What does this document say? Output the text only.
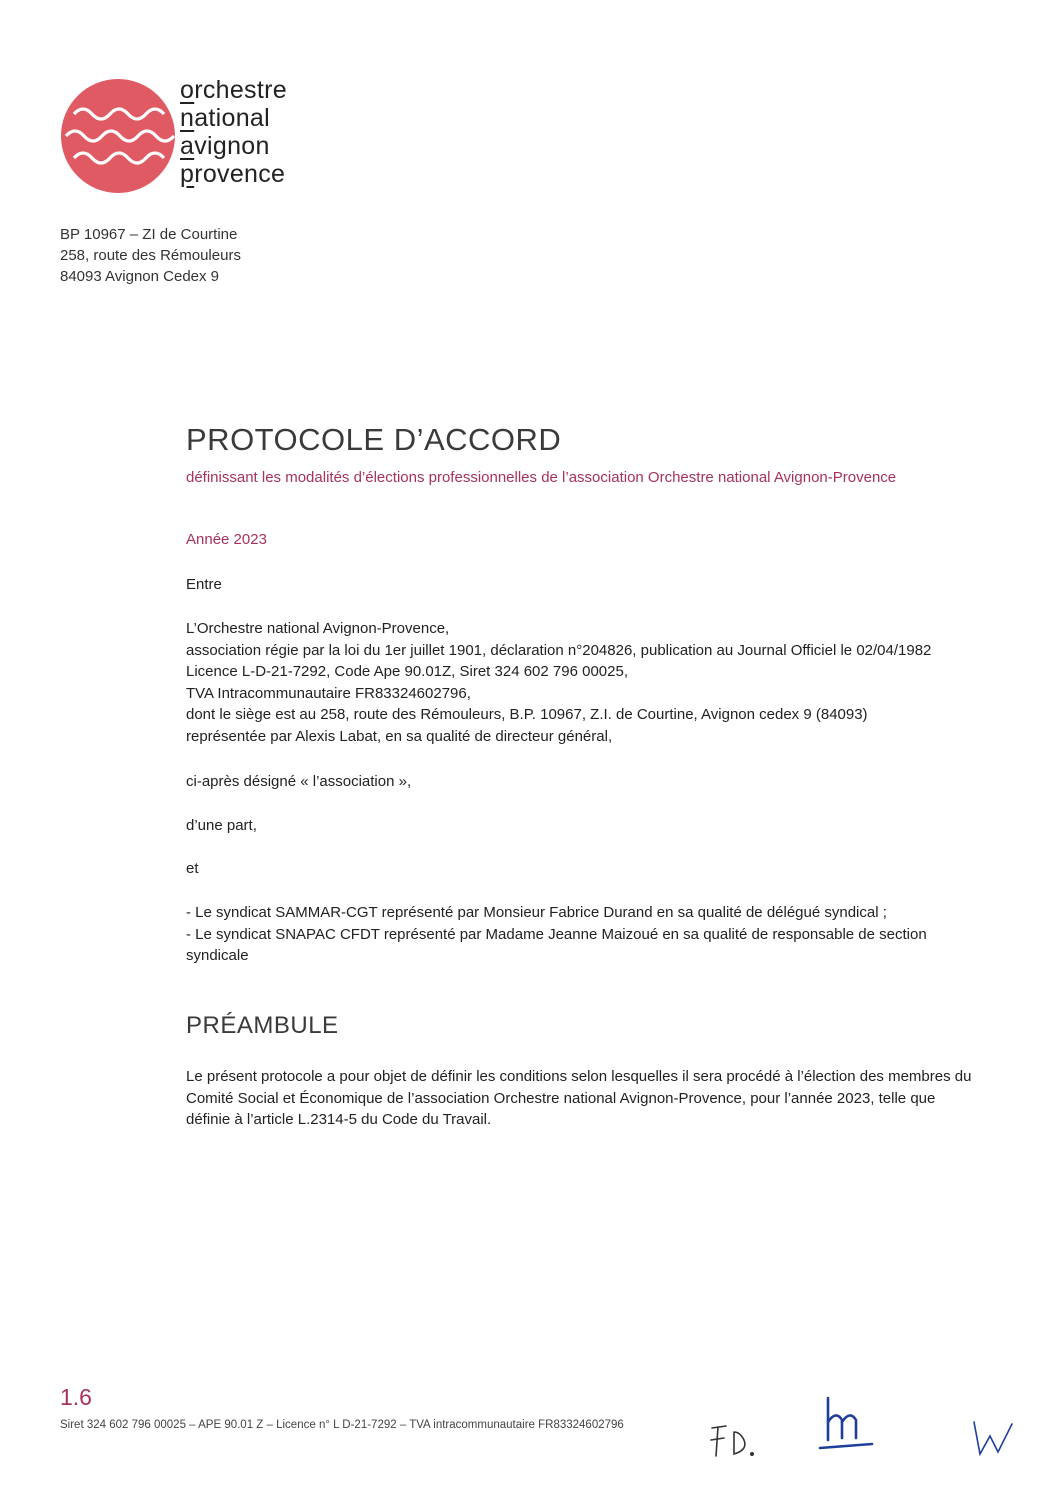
orchestre
national
avignon
provence
BP 10967 – ZI de Courtine
258, route des Rémouleurs
84093 Avignon Cedex 9
PROTOCOLE D’ACCORD
définissant les modalités d’élections professionnelles de l’association Orchestre national Avignon-Provence
Année 2023
Entre
L’Orchestre national Avignon-Provence,
association régie par la loi du 1er juillet 1901, déclaration n°204826, publication au Journal Officiel le 02/04/1982
Licence L-D-21-7292, Code Ape 90.01Z, Siret 324 602 796 00025,
TVA Intracommunautaire FR83324602796,
dont le siège est au 258, route des Rémouleurs, B.P. 10967, Z.I. de Courtine, Avignon cedex 9 (84093)
représentée par Alexis Labat, en sa qualité de directeur général,
ci-après désigné « l’association »,
d’une part,
et
- Le syndicat SAMMAR-CGT représenté par Monsieur Fabrice Durand en sa qualité de délégué syndical ;
- Le syndicat SNAPAC CFDT représenté par Madame Jeanne Maizoué en sa qualité de responsable de section syndicale
PRÉAMBULE
Le présent protocole a pour objet de définir les conditions selon lesquelles il sera procédé à l’élection des membres du Comité Social et Économique de l’association Orchestre national Avignon-Provence, pour l’année 2023, telle que définie à l’article L.2314-5 du Code du Travail.
1.6
Siret 324 602 796 00025 – APE 90.01 Z – Licence n° L D-21-7292 – TVA intracommunautaire FR83324602796
